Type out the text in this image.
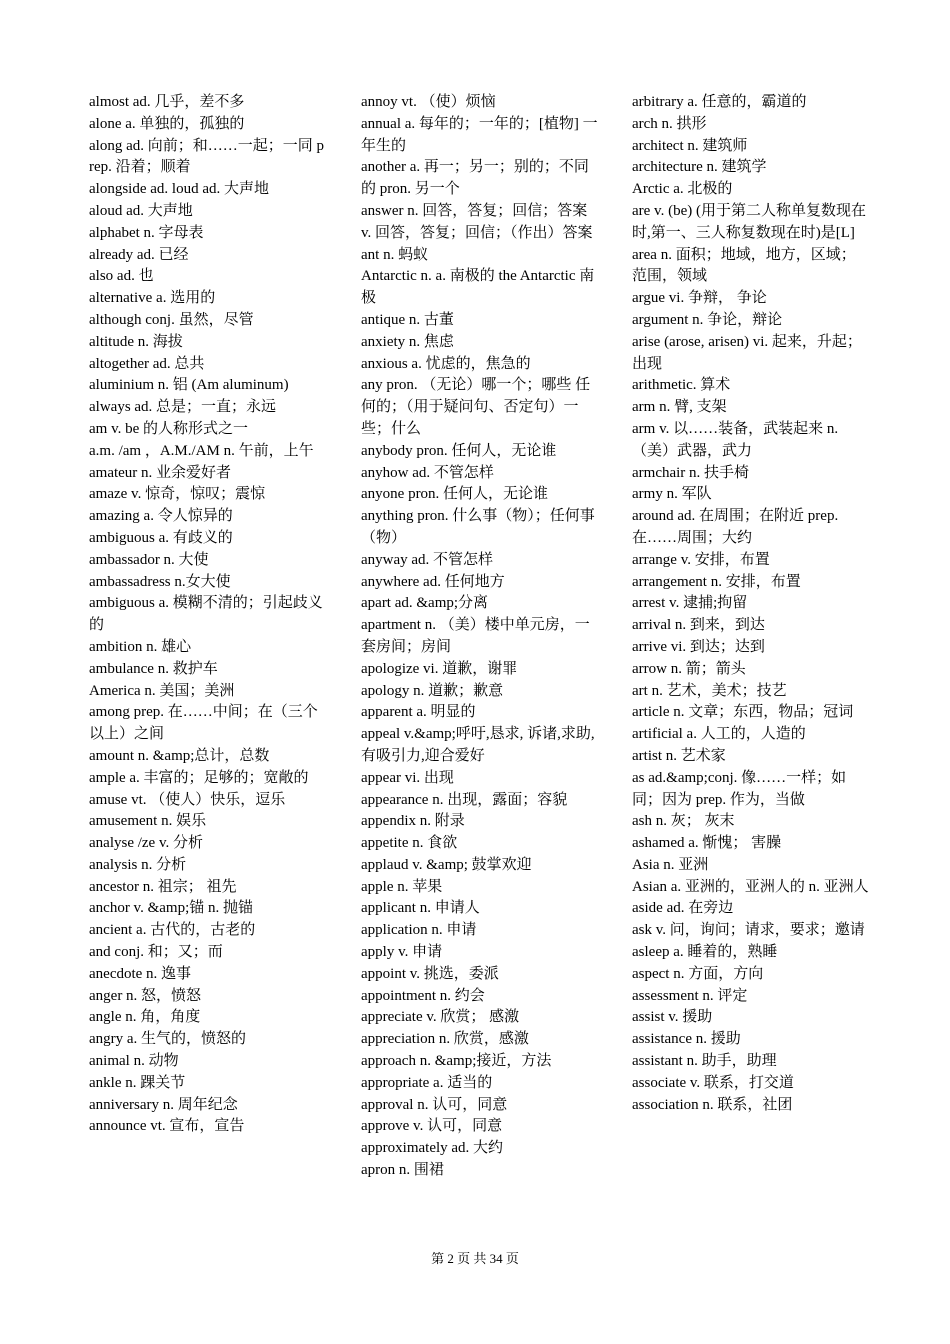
almost ad. 几乎，差不多

alone a. 单独的，孤独的

along ad. 向前；和……一起；一同 prep. 沿着；顺着

alongside ad. loud ad. 大声地

aloud ad. 大声地

alphabet n. 字母表

already ad. 已经

also ad. 也

alternative a. 选用的

although conj. 虽然，尽管

altitude n. 海拔

altogether ad. 总共

aluminium n. 铝 (Am aluminum)

always ad. 总是；一直；永远

am v. be 的人称形式之一

a.m. /am ，A.M./AM n. 午前，上午

amateur n. 业余爱好者

amaze v. 惊奇，惊叹；震惊

amazing a. 令人惊异的

ambiguous a. 有歧义的

ambassador n. 大使

ambassadress n.女大使

ambiguous a. 模糊不清的；引起歧义的

ambition n. 雄心

ambulance n. 救护车

America n. 美国；美洲

among prep. 在……中间；在（三个以上）之间

amount n. &amp;总计，总数

ample a. 丰富的；足够的；宽敞的

amuse vt. （使人）快乐，逗乐

amusement n. 娱乐

analyse /ze v. 分析

analysis n. 分析

ancestor n. 祖宗； 祖先

anchor v. &amp;锚 n. 抛锚

ancient a. 古代的，古老的

and conj. 和；又；而

anecdote n. 逸事

anger n. 怒，愤怒

angle n. 角，角度

angry a. 生气的，愤怒的

animal n. 动物

ankle n. 踝关节

anniversary n. 周年纪念

announce vt. 宣布，宣告

annoy vt. （使）烦恼

annual a. 每年的；一年的；[植物] 一年生的

another a. 再一；另一；别的；不同的 pron. 另一个

answer n. 回答，答复；回信；答案 v. 回答，答复；回信；（作出）答案

ant n. 蚂蚁

Antarctic n. a. 南极的 the Antarctic 南极

antique n. 古董

anxiety n. 焦虑

anxious a. 忧虑的，焦急的

any pron. （无论）哪一个；哪些 任何的；（用于疑问句、否定句）一些；什么

anybody pron. 任何人，无论谁

anyhow ad. 不管怎样

anyone pron. 任何人，无论谁

anything pron. 什么事（物）；任何事（物）

anyway ad. 不管怎样

anywhere ad. 任何地方

apart ad. &amp;分离

apartment n. （美）楼中单元房，一套房间；房间

apologize vi. 道歉，谢罪

apology n. 道歉；歉意

apparent a. 明显的

appeal v.&amp;呼吁,恳求, 诉诸,求助, 有吸引力,迎合爱好

appear vi. 出现

appearance n. 出现，露面；容貌

appendix n. 附录

appetite n. 食欲

applaud v. &amp; 鼓掌欢迎

apple n. 苹果

applicant n. 申请人

application n. 申请

apply v. 申请

appoint v. 挑选，委派

appointment n. 约会

appreciate v. 欣赏； 感激

appreciation n. 欣赏，感激

approach n. &amp;接近，方法

appropriate a. 适当的

approval n. 认可，同意

approve v. 认可，同意

approximately ad. 大约

apron n. 围裙

arbitrary a. 任意的，霸道的

arch n. 拱形

architect n. 建筑师

architecture n. 建筑学

Arctic a. 北极的

are v. (be) (用于第二人称单复数现在时,第一、三人称复数现在时)是[L]

area n. 面积；地域，地方，区域；范围，领域

argue vi. 争辩， 争论

argument n. 争论，辩论

arise (arose, arisen) vi. 起来，升起；出现

arithmetic. 算术

arm n. 臂, 支架

arm v. 以……装备，武装起来 n. （美）武器，武力

armchair n. 扶手椅

army n. 军队

around ad. 在周围；在附近 prep.在……周围；大约

arrange v. 安排，布置

arrangement n. 安排，布置

arrest v. 逮捕;拘留

arrival n. 到来，到达

arrive vi. 到达；达到

arrow n. 箭；箭头

art n. 艺术，美术；技艺

article n. 文章；东西，物品；冠词

artificial a. 人工的，人造的

artist n. 艺术家

as ad.&amp;conj. 像……一样；如同；因为 prep. 作为，当做

ash n. 灰； 灰末

ashamed a. 惭愧； 害臊

Asia n. 亚洲

Asian a. 亚洲的，亚洲人的 n. 亚洲人

aside ad. 在旁边

ask v. 问，询问；请求，要求；邀请

asleep a. 睡着的，熟睡

aspect n. 方面，方向

assessment n. 评定

assist v. 援助

assistance n. 援助

assistant n. 助手，助理

associate v. 联系，打交道

association n. 联系，社团

第 2 页 共 34 页
